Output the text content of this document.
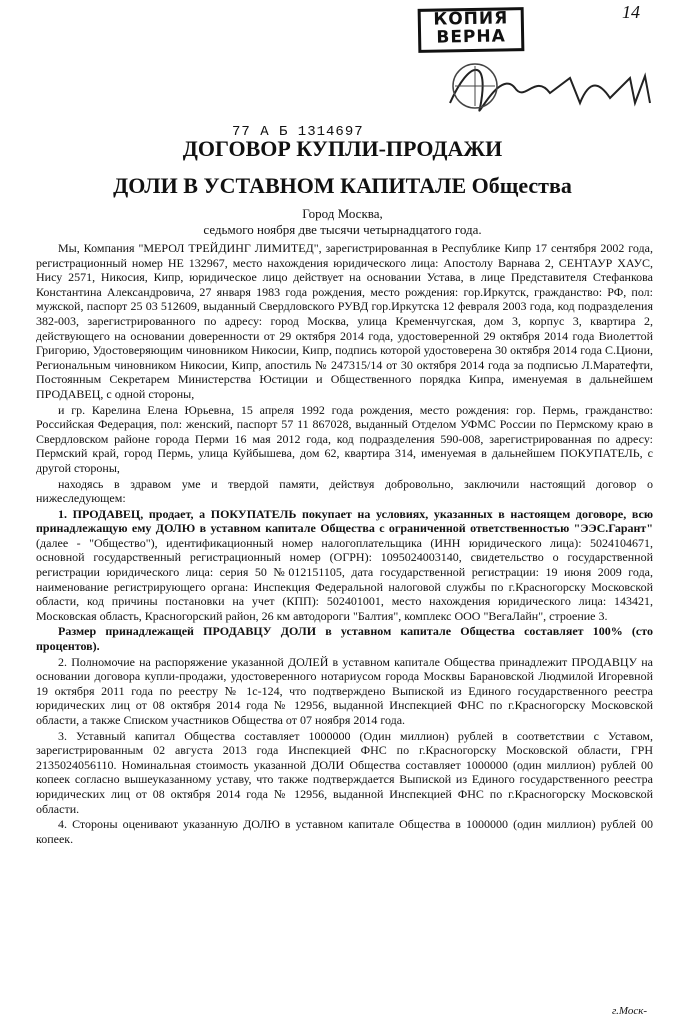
КОПИЯ
ВЕРНА
14
77 А Б 1314697
ДОГОВОР КУПЛИ-ПРОДАЖИ
ДОЛИ В УСТАВНОМ КАПИТАЛЕ Общества
Город Москва,
седьмого ноября две тысячи четырнадцатого года.

Мы, Компания "МЕРОЛ ТРЕЙДИНГ ЛИМИТЕД", зарегистрированная в Республике Кипр 17 сентября 2002 года, регистрационный номер НЕ 132967, место нахождения юридического лица: Апостолу Варнава 2, СЕНТАУР ХАУС, Нису 2571, Никосия, Кипр, юридическое лицо действует на основании Устава, в лице Представителя Стефанкова Константина Александровича, 27 января 1983 года рождения, место рождения: гор.Иркутск, гражданство: РФ, пол: мужской, паспорт 25 03 512609, выданный Свердловского РУВД гор.Иркутска 12 февраля 2003 года, код подразделения 382-003, зарегистрированного по адресу: город Москва, улица Кременчугская, дом 3, корпус 3, квартира 2, действующего на основании доверенности от 29 октября 2014 года, удостоверенной 29 октября 2014 года Виолеттой Григорию, Удостоверяющим чиновником Никосии, Кипр, подпись которой удостоверена 30 октября 2014 года С.Циони, Региональным чиновником Никосии, Кипр, апостиль № 247315/14 от 30 октября 2014 года за подписью Л.Маратефти, Постоянным Секретарем Министерства Юстиции и Общественного порядка Кипра, именуемая в дальнейшем ПРОДАВЕЦ, с одной стороны,

и гр. Карелина Елена Юрьевна, 15 апреля 1992 года рождения, место рождения: гор. Пермь, гражданство: Российская Федерация, пол: женский, паспорт 57 11 867028, выданный Отделом УФМС России по Пермскому краю в Свердловском районе города Перми 16 мая 2012 года, код подразделения 590-008, зарегистрированная по адресу: Пермский край, город Пермь, улица Куйбышева, дом 62, квартира 314, именуемая в дальнейшем ПОКУПАТЕЛЬ, с другой стороны,

находясь в здравом уме и твердой памяти, действуя добровольно, заключили настоящий договор о нижеследующем:

1. ПРОДАВЕЦ, продает, а ПОКУПАТЕЛЬ покупает на условиях, указанных в настоящем договоре, всю принадлежащую ему ДОЛЮ в уставном капитале Общества с ограниченной ответственностью "ЭЭС.Гарант" (далее - "Общество"), идентификационный номер налогоплательщика (ИНН юридического лица): 5024104671, основной государственный регистрационный номер (ОГРН): 1095024003140, свидетельство о государственной регистрации юридического лица: серия 50 №012151105, дата государственной регистрации: 19 июня 2009 года, наименование регистрирующего органа: Инспекция Федеральной налоговой службы по г.Красногорску Московской области, код причины постановки на учет (КПП): 502401001, место нахождения юридического лица: 143421, Московская область, Красногорский район, 26 км автодороги "Балтия", комплекс ООО "ВегаЛайн", строение 3.

Размер принадлежащей ПРОДАВЦУ ДОЛИ в уставном капитале Общества составляет 100% (сто процентов).

2. Полномочие на распоряжение указанной ДОЛЕЙ в уставном капитале Общества принадлежит ПРОДАВЦУ на основании договора купли-продажи, удостоверенного нотариусом города Москвы Барановской Людмилой Игоревной 19 октября 2011 года по реестру № 1с-124, что подтверждено Выпиской из Единого государственного реестра юридических лиц от 08 октября 2014 года № 12956, выданной Инспекцией ФНС по г.Красногорску Московской области, а также Списком участников Общества от 07 ноября 2014 года.

3. Уставный капитал Общества составляет 1000000 (Один миллион) рублей в соответствии с Уставом, зарегистрированным 02 августа 2013 года Инспекцией ФНС по г.Красногорску Московской области, ГРН 2135024056110. Номинальная стоимость указанной ДОЛИ Общества составляет 1000000 (один миллион) рублей 00 копеек согласно вышеуказанному уставу, что также подтверждается Выпиской из Единого государственного реестра юридических лиц от 08 октября 2014 года № 12956, выданной Инспекцией ФНС по г.Красногорску Московской области.

4. Стороны оценивают указанную ДОЛЮ в уставном капитале Общества в 1000000 (один миллион) рублей 00 копеек.

г.Моск-
